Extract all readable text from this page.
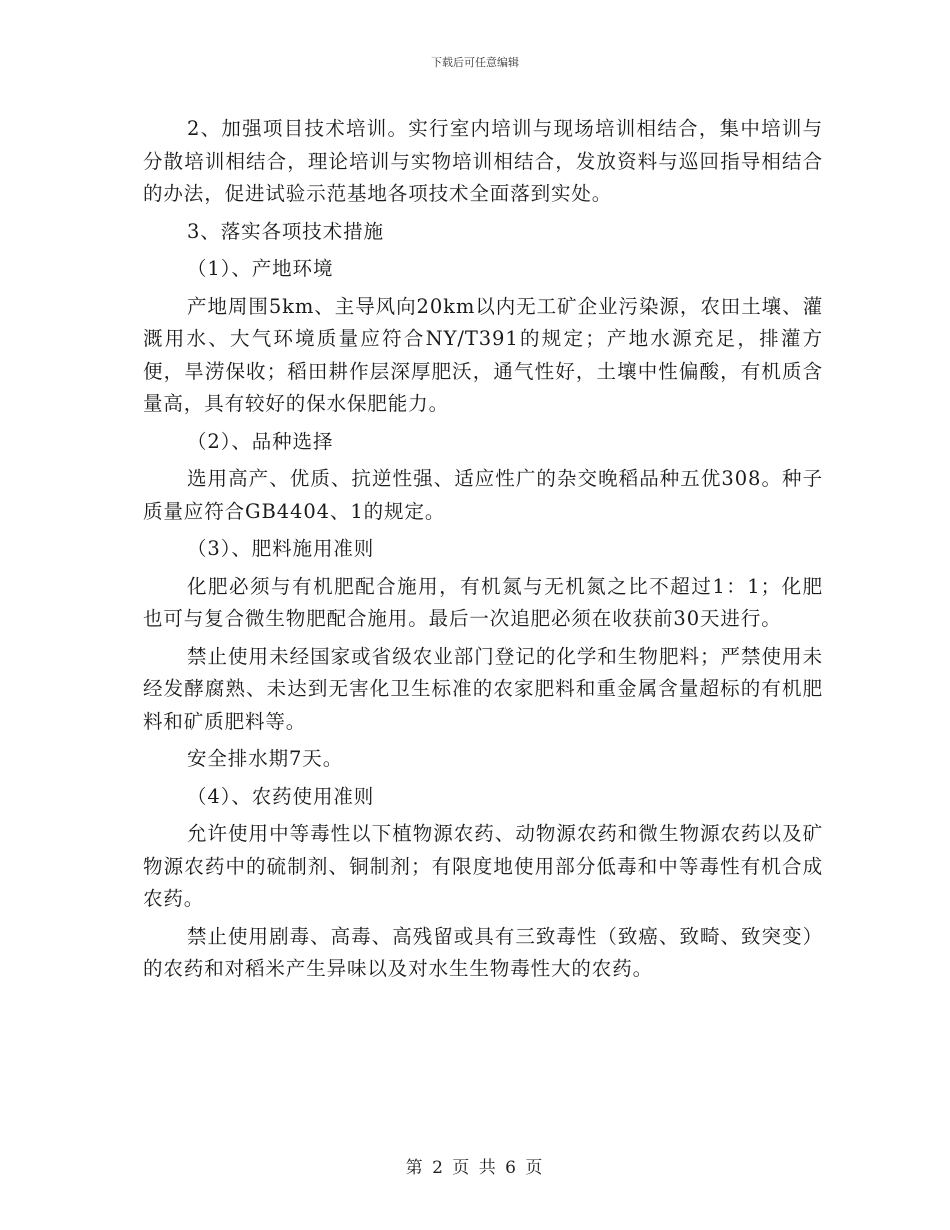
下载后可任意编辑

2、加强项目技术培训。实行室内培训与现场培训相结合，集中培训与分散培训相结合，理论培训与实物培训相结合，发放资料与巡回指导相结合的办法，促进试验示范基地各项技术全面落到实处。

3、落实各项技术措施

（1）、产地环境

产地周围5km、主导风向20km以内无工矿企业污染源，农田土壤、灌溉用水、大气环境质量应符合NY/T391的规定；产地水源充足，排灌方便，旱涝保收；稻田耕作层深厚肥沃，通气性好，土壤中性偏酸，有机质含量高，具有较好的保水保肥能力。

（2）、品种选择

选用高产、优质、抗逆性强、适应性广的杂交晚稻品种五优308。种子质量应符合GB4404、1的规定。

（3）、肥料施用准则

化肥必须与有机肥配合施用，有机氮与无机氮之比不超过1：1；化肥也可与复合微生物肥配合施用。最后一次追肥必须在收获前30天进行。

禁止使用未经国家或省级农业部门登记的化学和生物肥料；严禁使用未经发酵腐熟、未达到无害化卫生标准的农家肥料和重金属含量超标的有机肥料和矿质肥料等。

安全排水期7天。

（4）、农药使用准则

允许使用中等毒性以下植物源农药、动物源农药和微生物源农药以及矿物源农药中的硫制剂、铜制剂；有限度地使用部分低毒和中等毒性有机合成农药。

禁止使用剧毒、高毒、高残留或具有三致毒性（致癌、致畸、致突变）的农药和对稻米产生异味以及对水生生物毒性大的农药。

第 2 页 共 6 页
